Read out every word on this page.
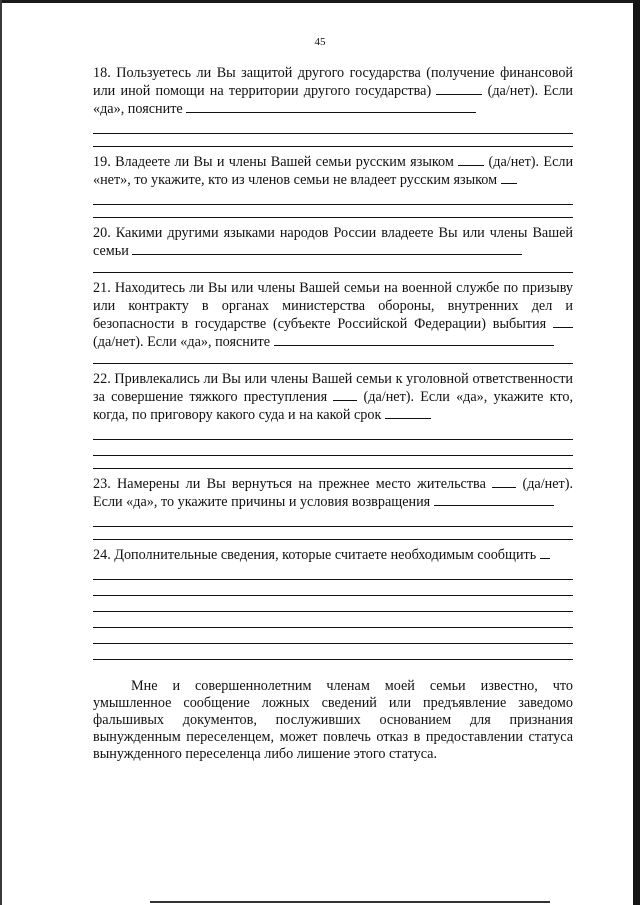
45
18. Пользуетесь ли Вы защитой другого государства (получение финансовой или иной помощи на территории другого государства)	(да/нет). Если «да», поясните
19. Владеете ли Вы и члены Вашей семьи русским языком (да/нет). Если «нет», то укажите, кто из членов семьи не владеет русским языком
20. Какими другими языками народов России владеете Вы или члены Вашей семьи
21. Находитесь ли Вы или члены Вашей семьи на военной службе по призыву или контракту в органах министерства обороны, внутренних дел и безопасности в государстве (субъекте Российской Федерации) выбытия  (да/нет). Если «да», поясните
22. Привлекались ли Вы или члены Вашей семьи к уголовной ответственности за совершение тяжкого преступления	(да/нет). Если «да», укажите кто, когда, по приговору какого суда и на какой срок
23. Намерены ли Вы вернуться на прежнее место жительства	(да/нет). Если «да», то укажите причины и условия возвращения
24. Дополнительные сведения, которые считаете необходимым сообщить

Мне и совершеннолетним членам моей семьи известно, что умышленное сообщение ложных сведений или предъявление заведомо фальшивых документов, послуживших основанием для признания вынужденным переселенцем, может повлечь отказ в предоставлении статуса вынужденного переселенца либо лишение этого статуса.
